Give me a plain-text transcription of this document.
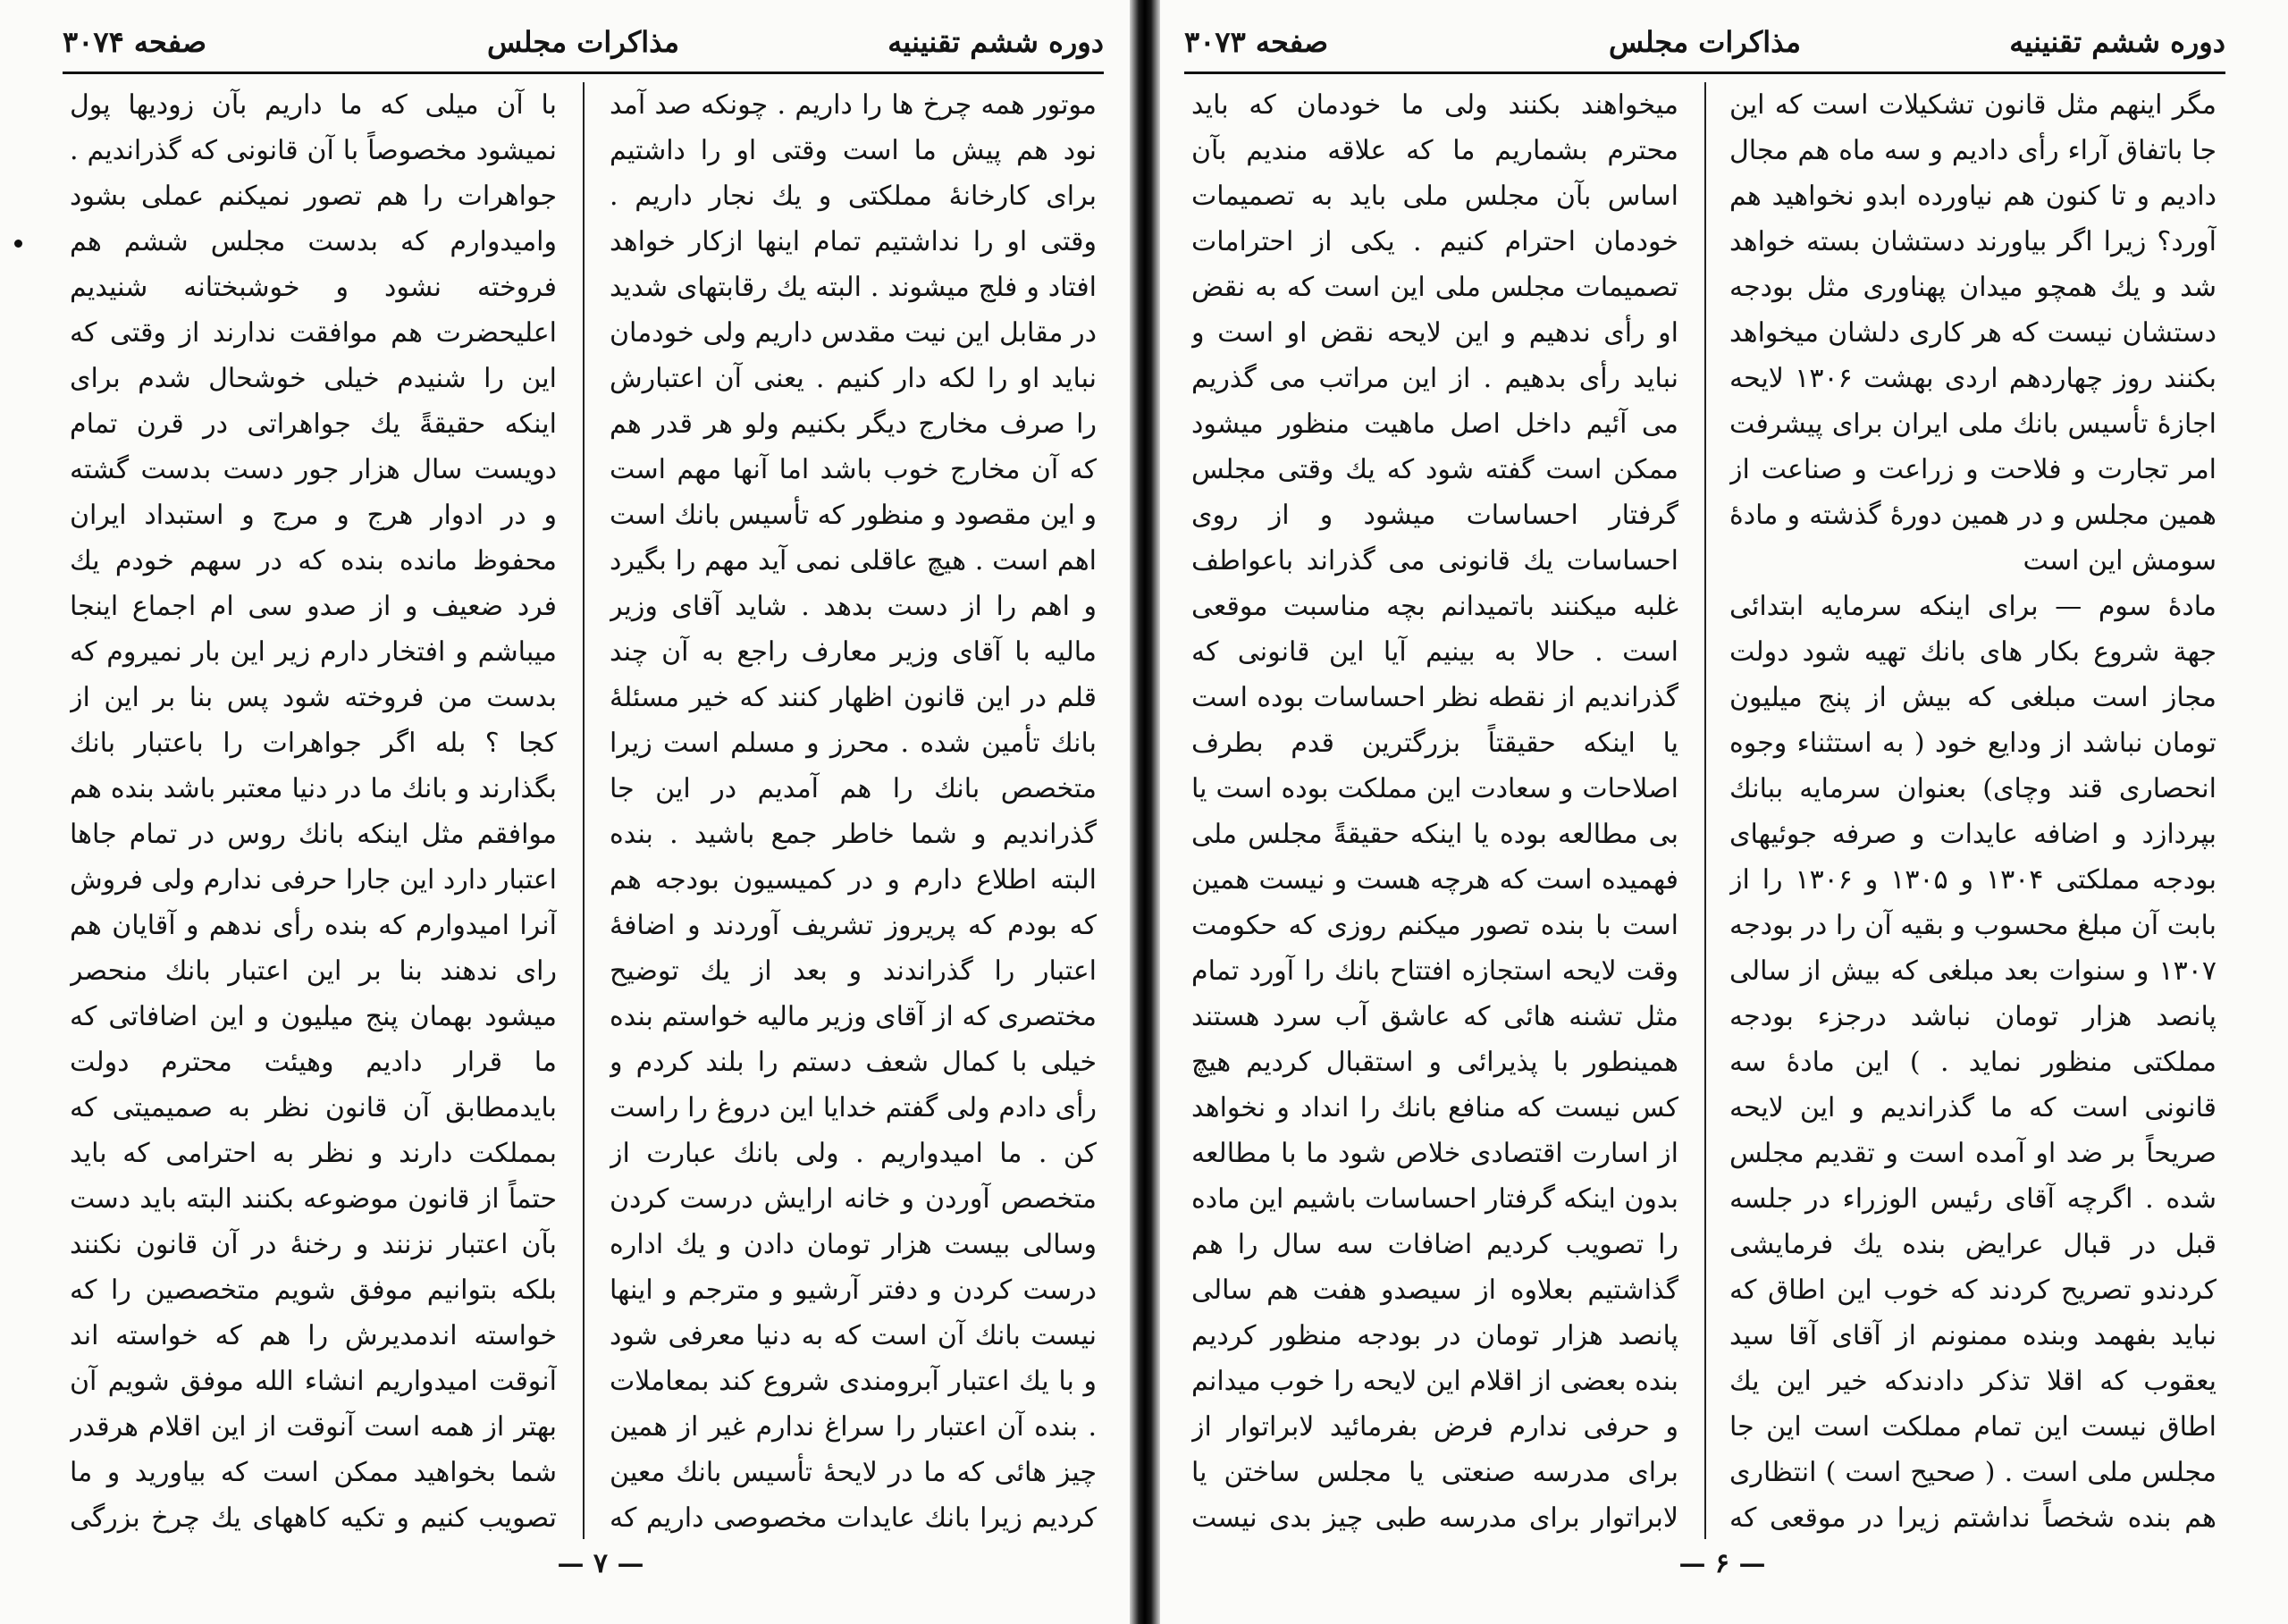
دوره ششم تقنینیه
مذاکرات مجلس
صفحه ۳۰۷۴

موتور همه چرخ ها را داریم . چونکه صد آمد نود هم پیش ما است وقتی او را داشتیم برای کارخانهٔ مملکتی و یك نجار داریم . وقتی او را نداشتیم تمام اینها ازکار خواهد افتاد و فلج میشوند . البته یك رقابتهای شدید در مقابل این نیت مقدس داریم ولی خودمان نباید او را لکه دار کنیم . یعنی آن اعتبارش را صرف مخارج دیگر بکنیم ولو هر قدر هم که آن مخارج خوب باشد اما آنها مهم است و این مقصود و منظور که تأسیس بانك است اهم است . هیچ عاقلی نمی آید مهم را بگیرد و اهم را از دست بدهد . شاید آقای وزیر مالیه با آقای وزیر معارف راجع به آن چند قلم در این قانون اظهار کنند که خیر مسئلهٔ بانك تأمین شده . محرز و مسلم است زیرا متخصص بانك را هم آمدیم در این جا گذراندیم و شما خاطر جمع باشید . بنده البته اطلاع دارم و در کمیسیون بودجه هم که بودم که پریروز تشریف آوردند و اضافهٔ اعتبار را گذراندند و بعد از یك توضیح مختصری که از آقای وزیر مالیه خواستم بنده خیلی با کمال شعف دستم را بلند کردم و رأی دادم ولی گفتم خدایا این دروغ را راست کن . ما امیدواریم . ولی بانك عبارت از متخصص آوردن و خانه ارایش درست کردن وسالی بیست هزار تومان دادن و یك اداره درست کردن و دفتر آرشیو و مترجم و اینها نیست بانك آن است که به دنیا معرفی شود و با یك اعتبار آبرومندی شروع کند بمعاملات . بنده آن اعتبار را سراغ ندارم غیر از همین چیز هائی که ما در لایحهٔ تأسیس بانك معین کردیم زیرا بانك عایدات مخصوصی داریم که

با آن میلی که ما داریم بآن زودیها پول نمیشود مخصوصاً با آن قانونی که گذراندیم . جواهرات را هم تصور نمیکنم عملی بشود وامیدوارم که بدست مجلس ششم هم فروخته نشود و خوشبختانه شنیدیم اعلیحضرت هم موافقت ندارند از وقتی که این را شنیدم خیلی خوشحال شدم برای اینکه حقیقةً یك جواهراتی در قرن تمام دویست سال هزار جور دست بدست گشته و در ادوار هرج و مرج و استبداد ایران محفوظ مانده بنده که در سهم خودم یك فرد ضعیف و از صدو سی ام اجماع اینجا میباشم و افتخار دارم زیر این بار نمیروم که بدست من فروخته شود پس بنا بر این از کجا ؟ بله اگر جواهرات را باعتبار بانك بگذارند و بانك ما در دنیا معتبر باشد بنده هم موافقم مثل اینکه بانك روس در تمام جاها اعتبار دارد این جارا حرفی ندارم ولی فروش آنرا امیدوارم که بنده رأی ندهم و آقایان هم رای ندهند بنا بر این اعتبار بانك منحصر میشود بهمان پنج میلیون و این اضافاتی که ما قرار دادیم وهیئت محترم دولت بایدمطابق آن قانون نظر به صمیمیتی که بمملکت دارند و نظر به احترامی که باید حتماً از قانون موضوعه بکنند البته باید دست بآن اعتبار نزنند و رخنهٔ در آن قانون نکنند بلکه بتوانیم موفق شویم متخصصین را که خواسته اندمدیرش را هم که خواسته اند آنوقت امیدواریم انشاء الله موفق شویم آن بهتر از همه است آنوقت از این اقلام هرقدر شما بخواهید ممکن است که بیاورید و ما تصویب کنیم و تکیه کاههای یك چرخ بزرگی

— ۷ —
دوره ششم تقنینیه
مذاکرات مجلس
صفحه ۳۰۷۳

مگر اینهم مثل قانون تشکیلات است که این جا باتفاق آراء رأی دادیم و سه ماه هم مجال دادیم و تا کنون هم نیاورده ابدو نخواهید هم آورد؟ زیرا اگر بیاورند دستشان بسته خواهد شد و یك همچو میدان پهناوری مثل بودجه دستشان نیست که هر کاری دلشان میخواهد بکنند روز چهاردهم اردی بهشت ۱۳۰۶ لایحه اجازهٔ تأسیس بانك ملی ایران برای پیشرفت امر تجارت و فلاحت و زراعت و صناعت از همین مجلس و در همین دورهٔ گذشته و مادهٔ سومش این است

مادهٔ سوم — برای اینکه سرمایه ابتدائی جهة شروع بکار های بانك تهیه شود دولت مجاز است مبلغی که بیش از پنج میلیون تومان نباشد از ودایع خود ( به استثناء وجوه انحصاری قند وچای) بعنوان سرمایه ببانك بپردازد و اضافه عایدات و صرفه جوئیهای بودجه مملکتی ۱۳۰۴ و ۱۳۰۵ و ۱۳۰۶ را از بابت آن مبلغ محسوب و بقیه آن را در بودجه ۱۳۰۷ و سنوات بعد مبلغی که بیش از سالی پانصد هزار تومان نباشد درجزء بودجه مملکتی منظور نماید . ) این مادهٔ سه قانونی است که ما گذراندیم و این لایحه صریحاً بر ضد او آمده است و تقدیم مجلس شده . اگرچه آقای رئیس الوزراء در جلسه قبل در قبال عرایض بنده یك فرمایشی کردندو تصریح کردند که خوب این اطاق که نباید بفهمد وبنده ممنونم از آقای آقا سید یعقوب که اقلا تذکر دادندکه خیر این یك اطاق نیست این تمام مملکت است این جا مجلس ملی است . ( صحیح است ) انتظاری هم بنده شخصاً نداشتم زیرا در موقعی که

میخواهند بکنند ولی ما خودمان که باید محترم بشماریم ما که علاقه مندیم بآن اساس بآن مجلس ملی باید به تصمیمات خودمان احترام کنیم . یکی از احترامات تصمیمات مجلس ملی این است که به نقض او رأی ندهیم و این لایحه نقض او است و نباید رأی بدهیم . از این مراتب می گذریم می آئیم داخل اصل ماهیت منظور میشود ممکن است گفته شود که یك وقتی مجلس گرفتار احساسات میشود و از روی احساسات یك قانونی می گذراند باعواطف غلبه میکنند باتمیدانم بچه مناسبت موقعی است . حالا به بینیم آیا این قانونی که گذراندیم از نقطه نظر احساسات بوده است یا اینکه حقیقتاً بزرگترین قدم بطرف اصلاحات و سعادت این مملکت بوده است یا بی مطالعه بوده یا اینکه حقیقةً مجلس ملی فهمیده است که هرچه هست و نیست همین است با بنده تصور میکنم روزی که حکومت وقت لایحه استجازه افتتاح بانك را آورد تمام مثل تشنه هائی که عاشق آب سرد هستند همینطور با پذیرائی و استقبال کردیم هیچ کس نیست که منافع بانك را انداد و نخواهد از اسارت اقتصادی خلاص شود ما با مطالعه بدون اینکه گرفتار احساسات باشیم این ماده را تصویب کردیم اضافات سه سال را هم گذاشتیم بعلاوه از سیصدو هفت هم سالی پانصد هزار تومان در بودجه منظور کردیم بنده بعضی از اقلام این لایحه را خوب میدانم و حرفی ندارم فرض بفرمائید لابراتوار از برای مدرسه صنعتی یا مجلس ساختن یا لابراتوار برای مدرسه طبی چیز بدی نیست

— ۶ —
